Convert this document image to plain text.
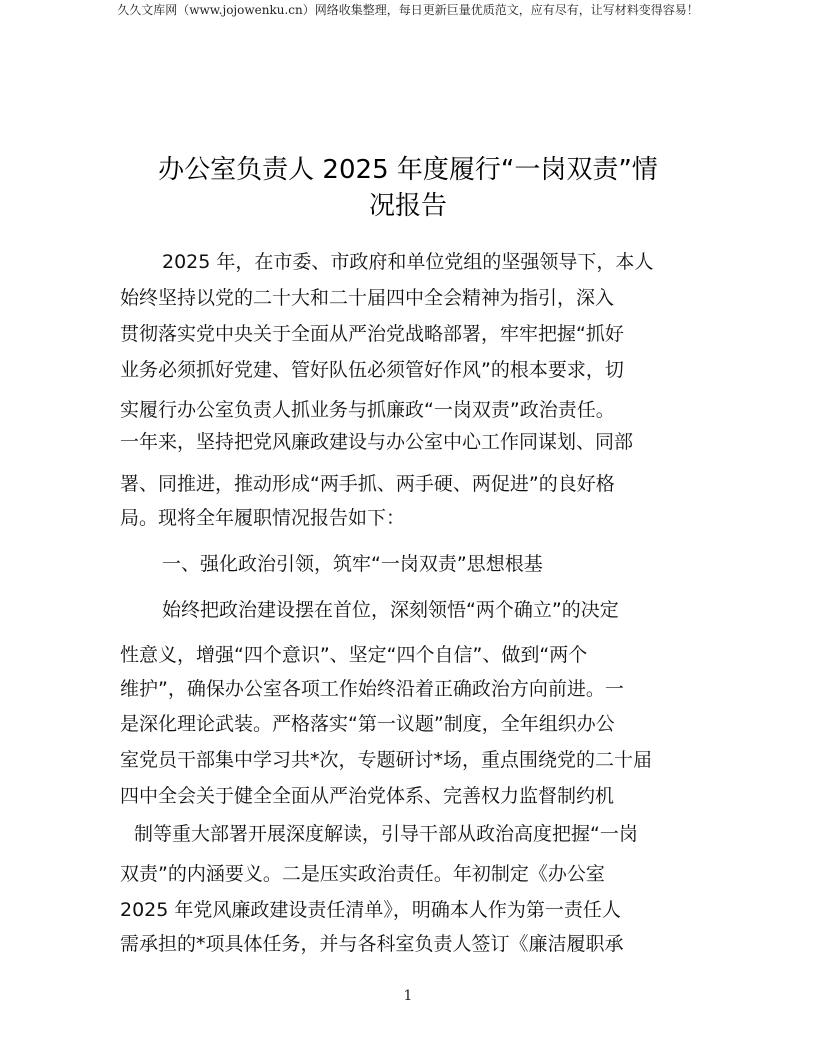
久久文库网（www.jojowenku.cn）网络收集整理，每日更新巨量优质范文，应有尽有，让写材料变得容易！
办公室负责人 2025 年度履行“一岗双责”情
况报告
2025 年，在市委、市政府和单位党组的坚强领导下，本人
始终坚持以党的二十大和二十届四中全会精神为指引，深入
贯彻落实党中央关于全面从严治党战略部署，牢牢把握“抓好
业务必须抓好党建、管好队伍必须管好作风”的根本要求，切
实履行办公室负责人抓业务与抓廉政“一岗双责”政治责任。
一年来，坚持把党风廉政建设与办公室中心工作同谋划、同部
署、同推进，推动形成“两手抓、两手硬、两促进”的良好格
局。现将全年履职情况报告如下：
一、强化政治引领，筑牢“一岗双责”思想根基
始终把政治建设摆在首位，深刻领悟“两个确立”的决定
性意义，增强“四个意识”、坚定“四个自信”、做到“两个
维护”，确保办公室各项工作始终沿着正确政治方向前进。一
是深化理论武装。严格落实“第一议题”制度，全年组织办公
室党员干部集中学习共*次，专题研讨*场，重点围绕党的二十届
四中全会关于健全全面从严治党体系、完善权力监督制约机
制等重大部署开展深度解读，引导干部从政治高度把握“一岗
双责”的内涵要义。二是压实政治责任。年初制定《办公室
2025 年党风廉政建设责任清单》，明确本人作为第一责任人
需承担的*项具体任务，并与各科室负责人签订《廉洁履职承
1
